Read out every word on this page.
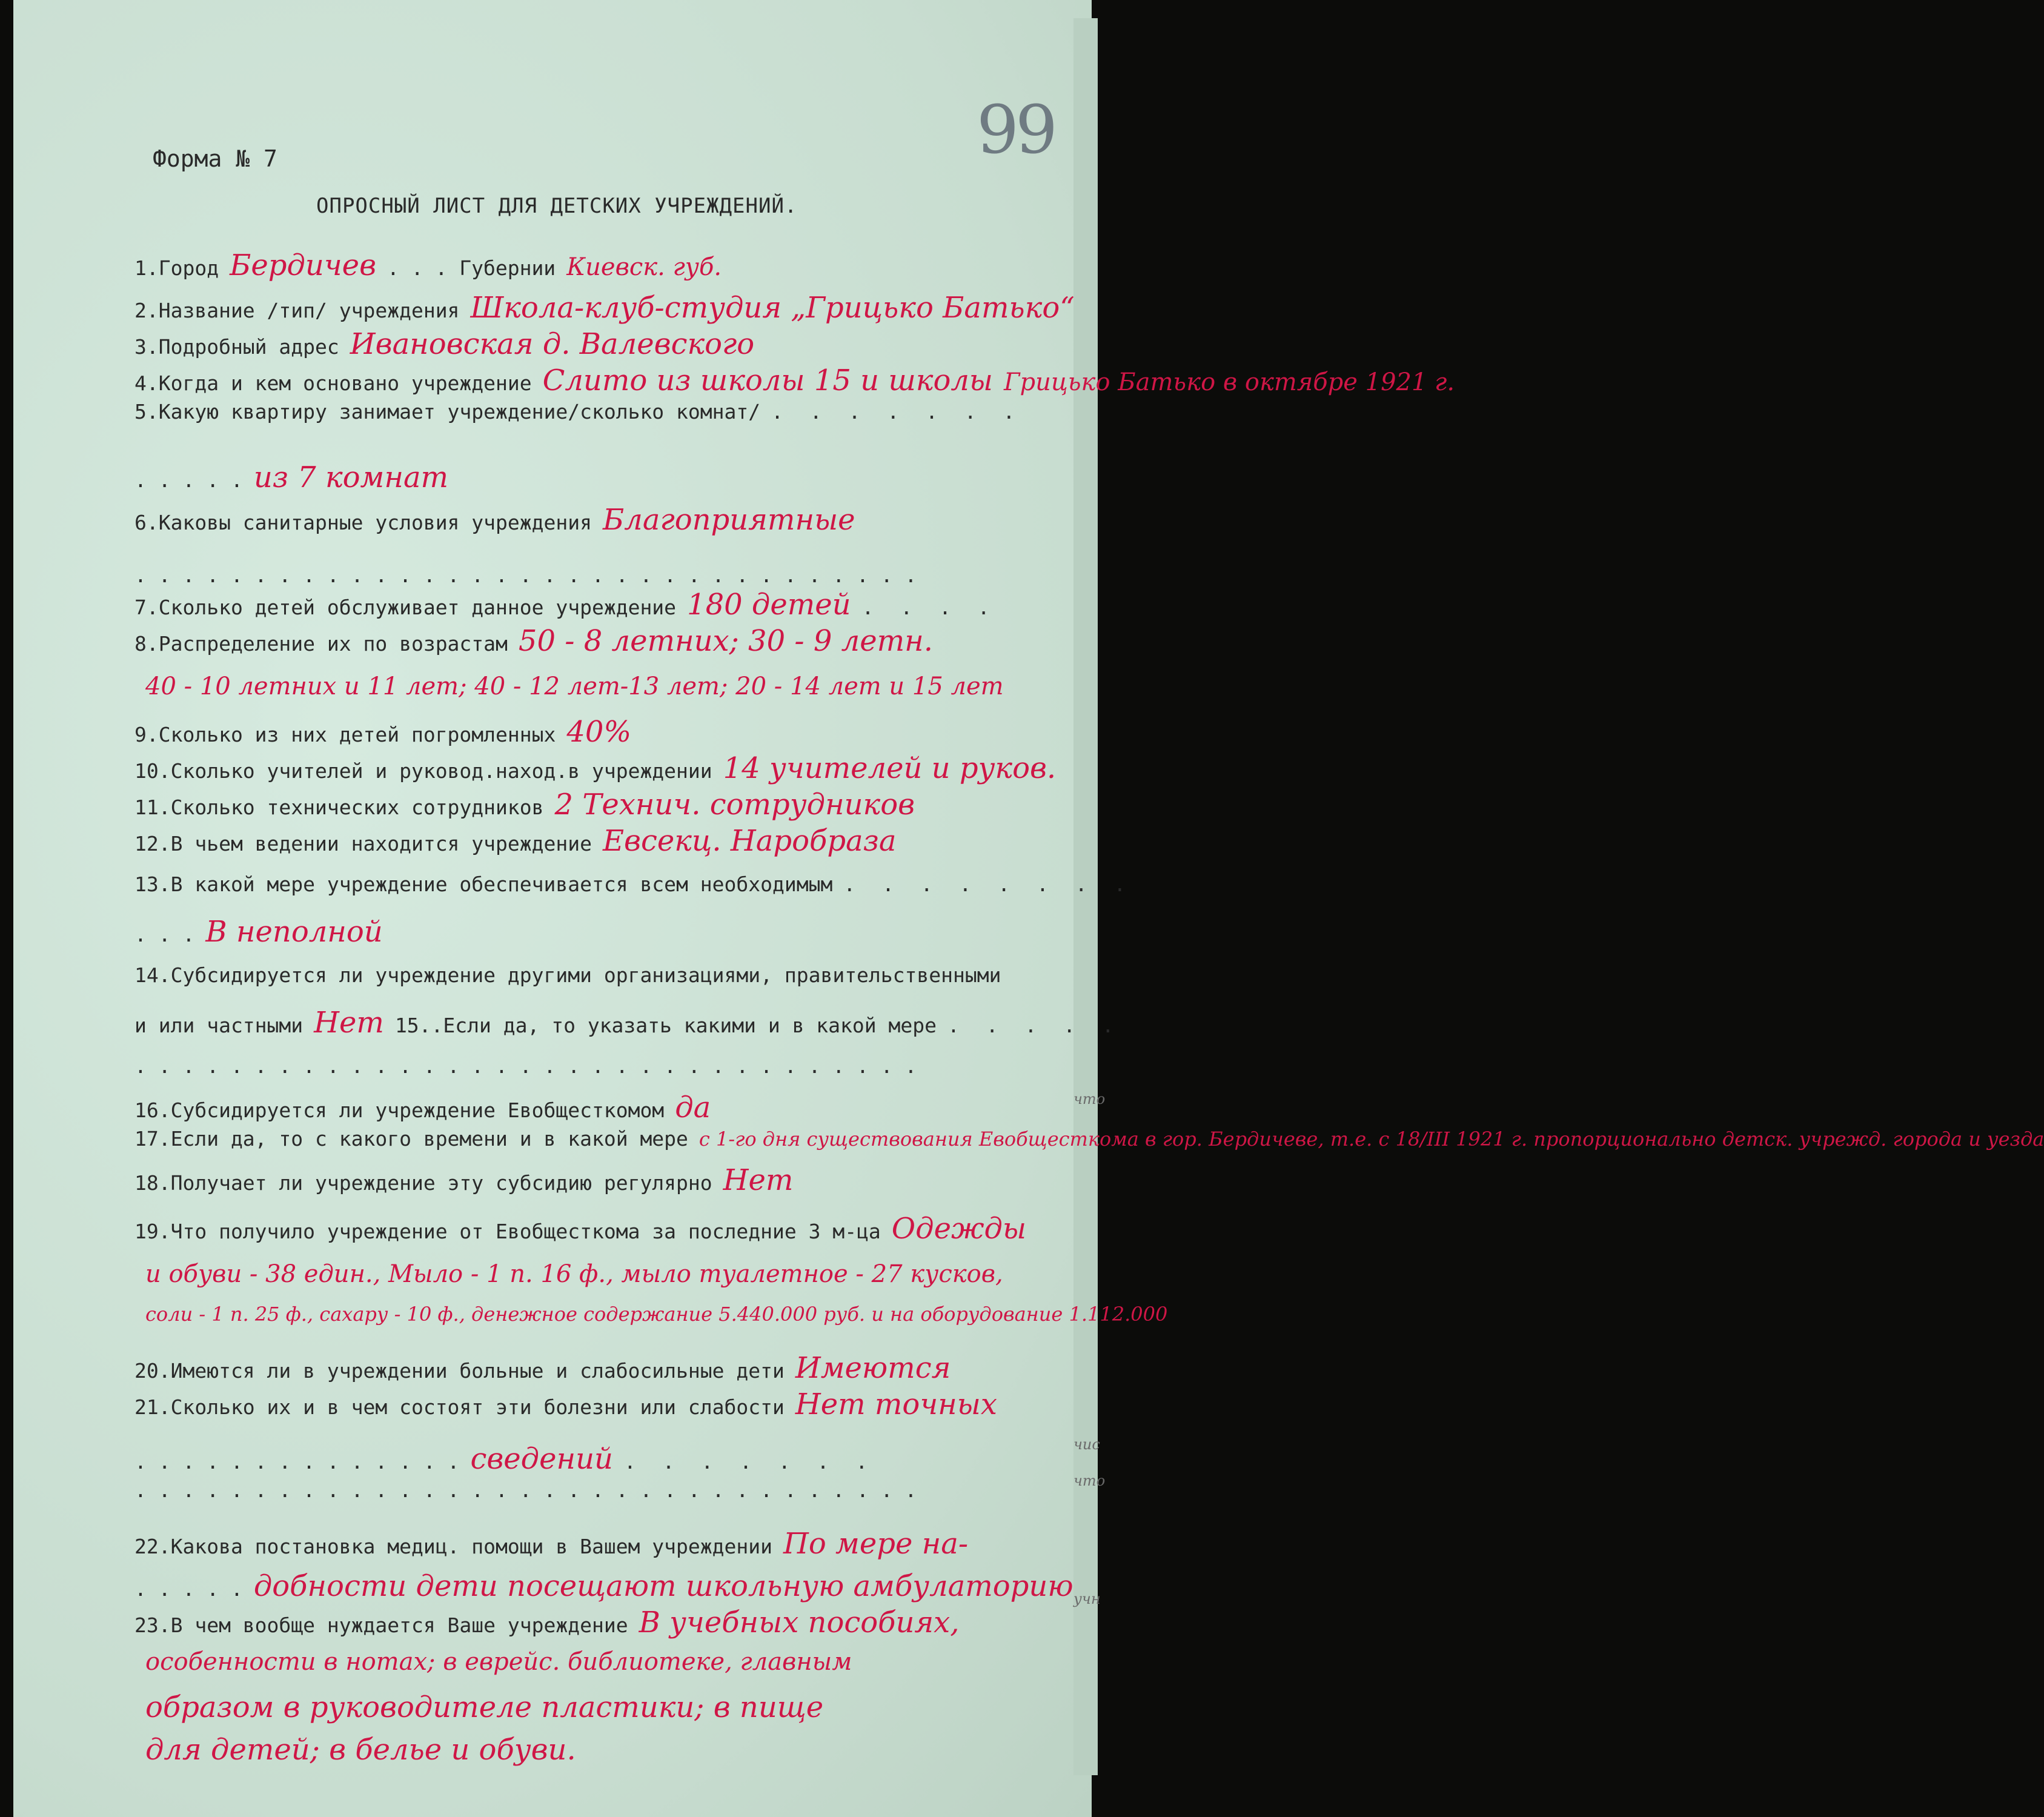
99
Форма № 7
ОПРОСНЫЙ ЛИСТ ДЛЯ ДЕТСКИХ УЧРЕЖДЕНИЙ.
1.Город Бердичев . . . Губернии Киевск. губ.
2.Название /тип/ учреждения Школа-клуб-студия „Грицько Батько“
3.Подробный адрес Ивановская д. Валевского
4.Когда и кем основано учреждение Слито из школы 15 и школы Грицько Батько в октябре 1921 г.
5.Какую квартиру занимает учреждение/сколько комнат/ . . . . . . .
. . . . . из 7 комнат
6.Каковы санитарные условия учреждения Благоприятные
. . . . . . . . . . . . . . . . . . . . . . . . . . . . . . . . .
7.Сколько детей обслуживает данное учреждение 180 детей . . . .
8.Распределение их по возрастам 50 - 8 летних; 30 - 9 летн.
40 - 10 летних и 11 лет; 40 - 12 лет-13 лет; 20 - 14 лет и 15 лет
9.Сколько из них детей погромленных 40%
10.Сколько учителей и руковод.наход.в учреждении 14 учителей и руков.
11.Сколько технических сотрудников 2 Технич. сотрудников
12.В чьем ведении находится учреждение Евсекц. Наробраза
13.В какой мере учреждение обеспечивается всем необходимым . . . . . . . .
. . . В неполной
14.Субсидируется ли учреждение другими организациями, правительственными
и или частными Нет 15..Если да, то указать какими и в какой мере . . . . .
. . . . . . . . . . . . . . . . . . . . . . . . . . . . . . . . .
16.Субсидируется ли учреждение Евобщесткомом да
17.Если да, то с какого времени и в какой мере с 1-го дня существования Евобщесткома в гор. Бердичеве, т.е. с 18/III 1921 г. пропорционально детск. учрежд. города и уезда
18.Получает ли учреждение эту субсидию регулярно Нет
19.Что получило учреждение от Евобщесткома за последние 3 м-ца Одежды
и обуви - 38 един., Мыло - 1 п. 16 ф., мыло туалетное - 27 кусков,
соли - 1 п. 25 ф., сахару - 10 ф., денежное содержание 5.440.000 руб. и на оборудование 1.112.000
20.Имеются ли в учреждении больные и слабосильные дети Имеются
21.Сколько их и в чем состоят эти болезни или слабости Нет точных
. . . . . . . . . . . . . . сведений . . . . . . .
. . . . . . . . . . . . . . . . . . . . . . . . . . . . . . . . .
22.Какова постановка медиц. помощи в Вашем учреждении По мере на-
. . . . . добности дети посещают школьную амбулаторию
23.В чем вообще нуждается Ваше учреждение В учебных пособиях,
особенности в нотах; в еврейс. библиотеке, главным
образом в руководителе пластики; в пище
для детей; в белье и обуви.
что
чис
что
учн
